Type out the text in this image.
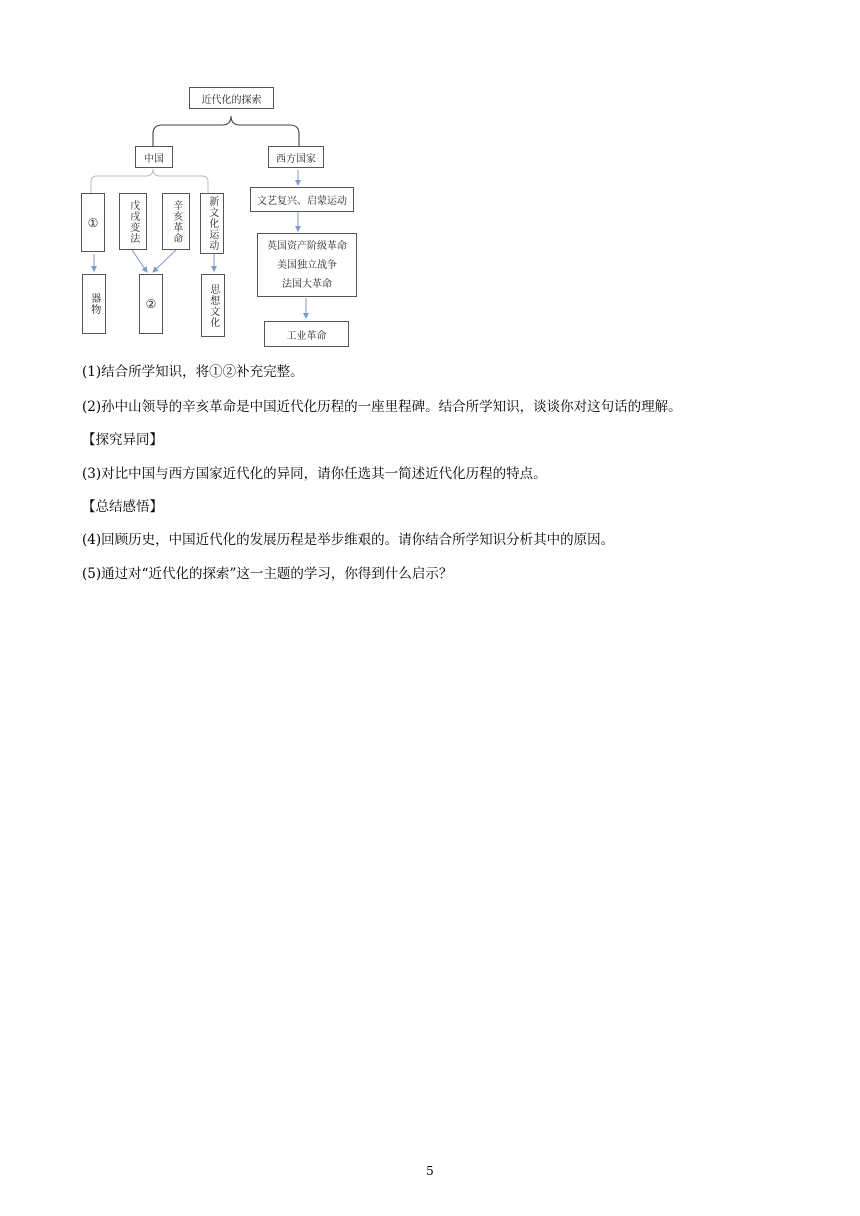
近代化的探索
中国	西方国家
①	戊戌变法	辛亥革命	新文化运动
器物	②	思想文化
文艺复兴、启蒙运动
英国资产阶级革命
美国独立战争
法国大革命
工业革命
(1)结合所学知识，将①②补充完整。
(2)孙中山领导的辛亥革命是中国近代化历程的一座里程碑。结合所学知识，谈谈你对这句话的理解。
【探究异同】
(3)对比中国与西方国家近代化的异同，请你任选其一简述近代化历程的特点。
【总结感悟】
(4)回顾历史，中国近代化的发展历程是举步维艰的。请你结合所学知识分析其中的原因。
(5)通过对“近代化的探索”这一主题的学习，你得到什么启示？
5
